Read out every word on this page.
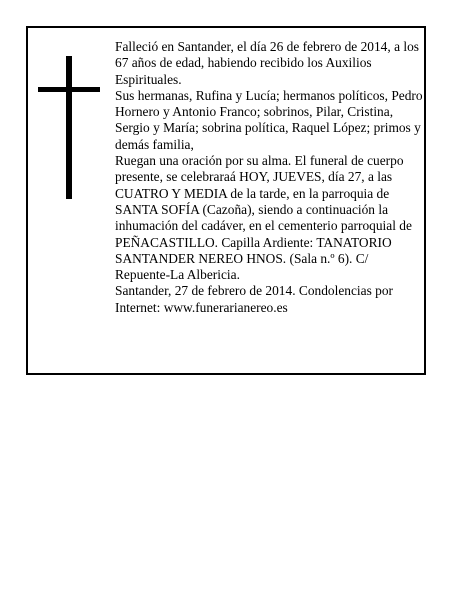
Falleció en Santander, el día 26 de febrero de 2014, a los 67 años de edad, habiendo recibido los Auxilios Espirituales.

Sus hermanas, Rufina y Lucía; hermanos políticos, Pedro Hornero y Antonio Franco; sobrinos, Pilar, Cristina, Sergio y María; sobrina política, Raquel López; primos y demás familia,

Ruegan una oración por su alma. El funeral de cuerpo presente, se celebraraá HOY, JUEVES, día 27, a las CUATRO Y MEDIA de la tarde, en la parroquia de SANTA SOFÍA (Cazoña), siendo a continuación la inhumación del cadáver, en el cementerio parroquial de PEÑACASTILLO. Capilla Ardiente: TANATORIO SANTANDER NEREO HNOS. (Sala n.º 6). C/ Repuente-La Albericia.

Santander, 27 de febrero de 2014. Condolencias por Internet: www.funerarianereo.es
